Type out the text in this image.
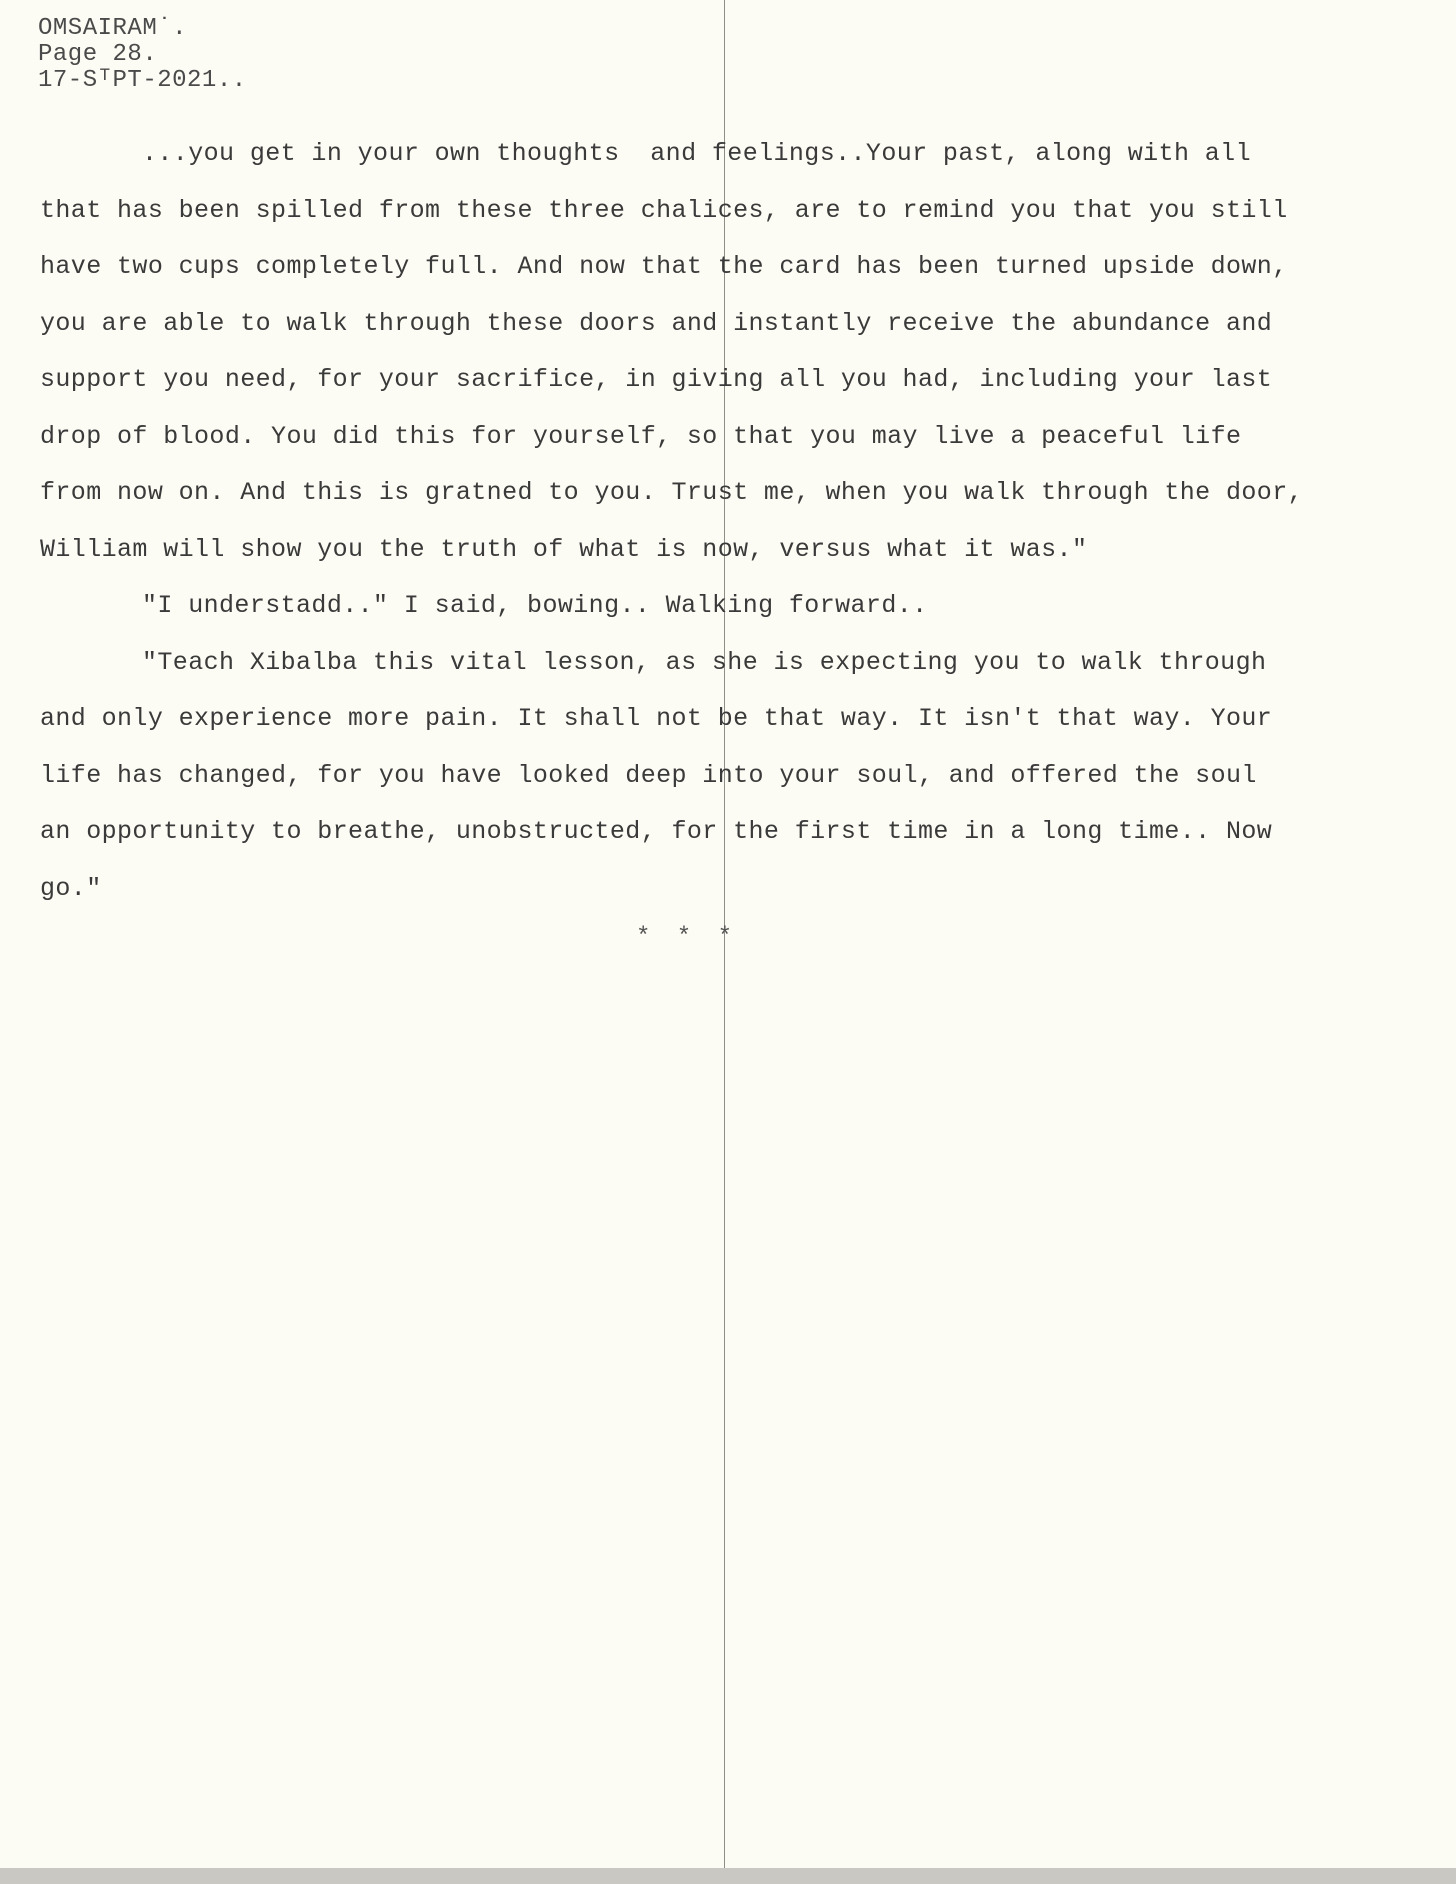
OMSAIRAM˙.
Page 28.
17-SᵀPT-2021..
...you get in your own thoughts  and feelings..Your past, along with all
that has been spilled from these three chalices, are to remind you that you still
have two cups completely full. And now that the card has been turned upside down,
you are able to walk through these doors and instantly receive the abundance and
support you need, for your sacrifice, in giving all you had, including your last
drop of blood. You did this for yourself, so that you may live a peaceful life
from now on. And this is gratned to you. Trust me, when you walk through the door,
William will show you the truth of what is now, versus what it was."
"I understadd.." I said, bowing.. Walking forward..
"Teach Xibalba this vital lesson, as she is expecting you to walk through
and only experience more pain. It shall not be that way. It isn't that way. Your
life has changed, for you have looked deep into your soul, and offered the soul
an opportunity to breathe, unobstructed, for the first time in a long time.. Now
go."
* * *
